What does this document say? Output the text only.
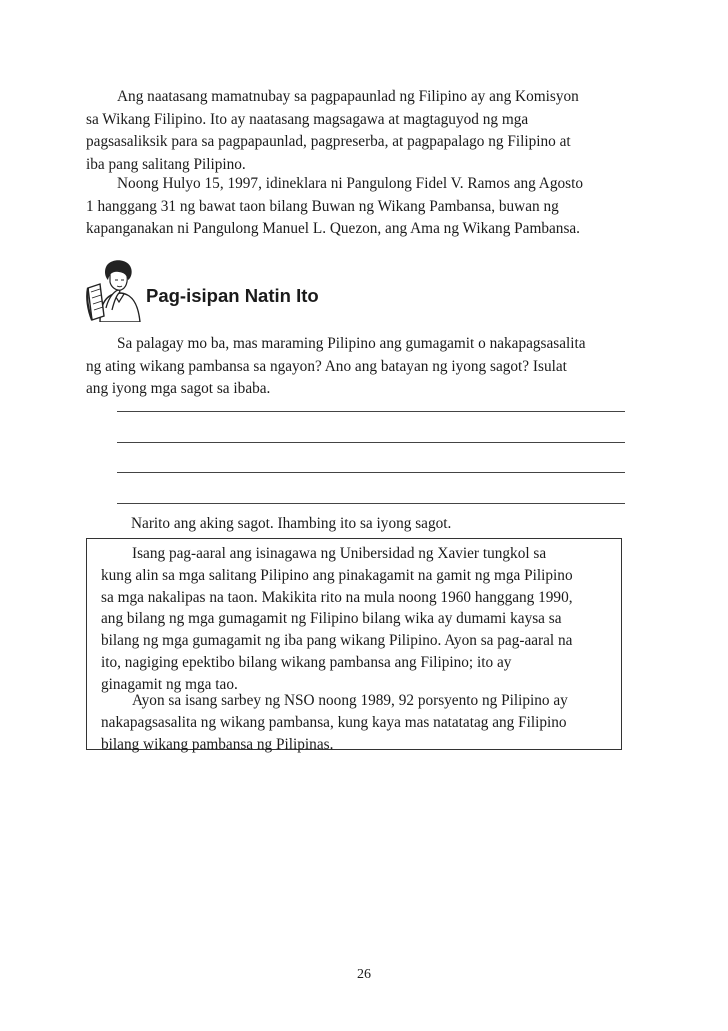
Ang naatasang mamatnubay sa pagpapaunlad ng Filipino ay ang Komisyon
sa Wikang Filipino. Ito ay naatasang magsagawa at magtaguyod ng mga
pagsasaliksik para sa pagpapaunlad, pagpreserba, at pagpapalago ng Filipino at
iba pang salitang Pilipino.

Noong Hulyo 15, 1997, idineklara ni Pangulong Fidel V. Ramos ang Agosto
1 hanggang 31 ng bawat taon bilang Buwan ng Wikang Pambansa, buwan ng
kapanganakan ni Pangulong Manuel L. Quezon, ang Ama ng Wikang Pambansa.

Pag-isipan Natin Ito

Sa palagay mo ba, mas maraming Pilipino ang gumagamit o nakapagsasalita
ng ating wikang pambansa sa ngayon? Ano ang batayan ng iyong sagot? Isulat
ang iyong mga sagot sa ibaba.

Narito ang aking sagot. Ihambing ito sa iyong sagot.

Isang pag-aaral ang isinagawa ng Unibersidad ng Xavier tungkol sa
kung alin sa mga salitang Pilipino ang pinakagamit na gamit ng mga Pilipino
sa mga nakalipas na taon. Makikita rito na mula noong 1960 hanggang 1990,
ang bilang ng mga gumagamit ng Filipino bilang wika ay dumami kaysa sa
bilang ng mga gumagamit ng iba pang wikang Pilipino. Ayon sa pag-aaral na
ito, nagiging epektibo bilang wikang pambansa ang Filipino; ito ay
ginagamit ng mga tao.

Ayon sa isang sarbey ng NSO noong 1989, 92 porsyento ng Pilipino ay
nakapagsasalita ng wikang pambansa, kung kaya mas natatatag ang Filipino
bilang wikang pambansa ng Pilipinas.

26
